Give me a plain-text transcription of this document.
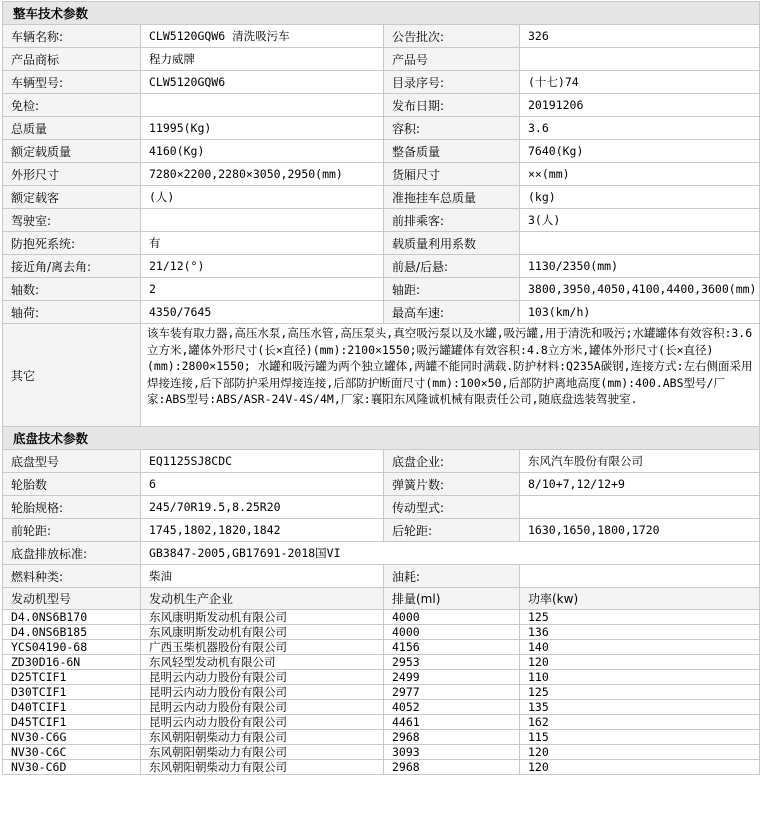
整车技术参数			
车辆名称:	CLW5120GQW6 清洗吸污车	公告批次:	326
产品商标	程力威牌	产品号	
车辆型号:	CLW5120GQW6	目录序号:	(十七)74
免检:		发布日期:	20191206
总质量	11995(Kg)	容积:	3.6
额定载质量	4160(Kg)	整备质量	7640(Kg)
外形尺寸	7280×2200,2280×3050,2950(mm)	货厢尺寸	××(mm)
额定载客	(人)	准拖挂车总质量	(kg)
驾驶室:		前排乘客:	3(人)
防抱死系统:	有	载质量利用系数	
接近角/离去角:	21/12(°)	前悬/后悬:	1130/2350(mm)
轴数:	2	轴距:	3800,3950,4050,4100,4400,3600(mm)
轴荷:	4350/7645	最高车速:	103(km/h)
其它	该车装有取力器,高压水泵,高压水管,高压泵头,真空吸污泵以及水罐,吸污罐,用于清洗和吸污;水罐罐体有效容积:3.6立方米,罐体外形尺寸(长×直径)(mm):2100×1550;吸污罐罐体有效容积:4.8立方米,罐体外形尺寸(长×直径)(mm):2800×1550; 水罐和吸污罐为两个独立罐体,两罐不能同时满载.防护材料:Q235A碳钢,连接方式:左右侧面采用焊接连接,后下部防护采用焊接连接,后部防护断面尺寸(mm):100×50,后部防护离地高度(mm):400.ABS型号/厂家:ABS型号:ABS/ASR-24V-4S/4M,厂家:襄阳东风隆诚机械有限责任公司,随底盘选装驾驶室.		
底盘技术参数			
底盘型号	EQ1125SJ8CDC	底盘企业:	东风汽车股份有限公司
轮胎数	6	弹簧片数:	8/10+7,12/12+9
轮胎规格:	245/70R19.5,8.25R20	传动型式:	
前轮距:	1745,1802,1820,1842	后轮距:	1630,1650,1800,1720
底盘排放标准:	GB3847-2005,GB17691-2018国VI		
燃料种类:	柴油	油耗:	
发动机型号	发动机生产企业	排量(ml)	功率(kw)
D4.0NS6B170	东风康明斯发动机有限公司	4000	125
D4.0NS6B185	东风康明斯发动机有限公司	4000	136
YCS04190-68	广西玉柴机器股份有限公司	4156	140
ZD30D16-6N	东风轻型发动机有限公司	2953	120
D25TCIF1	昆明云内动力股份有限公司	2499	110
D30TCIF1	昆明云内动力股份有限公司	2977	125
D40TCIF1	昆明云内动力股份有限公司	4052	135
D45TCIF1	昆明云内动力股份有限公司	4461	162
NV30-C6G	东风朝阳朝柴动力有限公司	2968	115
NV30-C6C	东风朝阳朝柴动力有限公司	3093	120
NV30-C6D	东风朝阳朝柴动力有限公司	2968	120
